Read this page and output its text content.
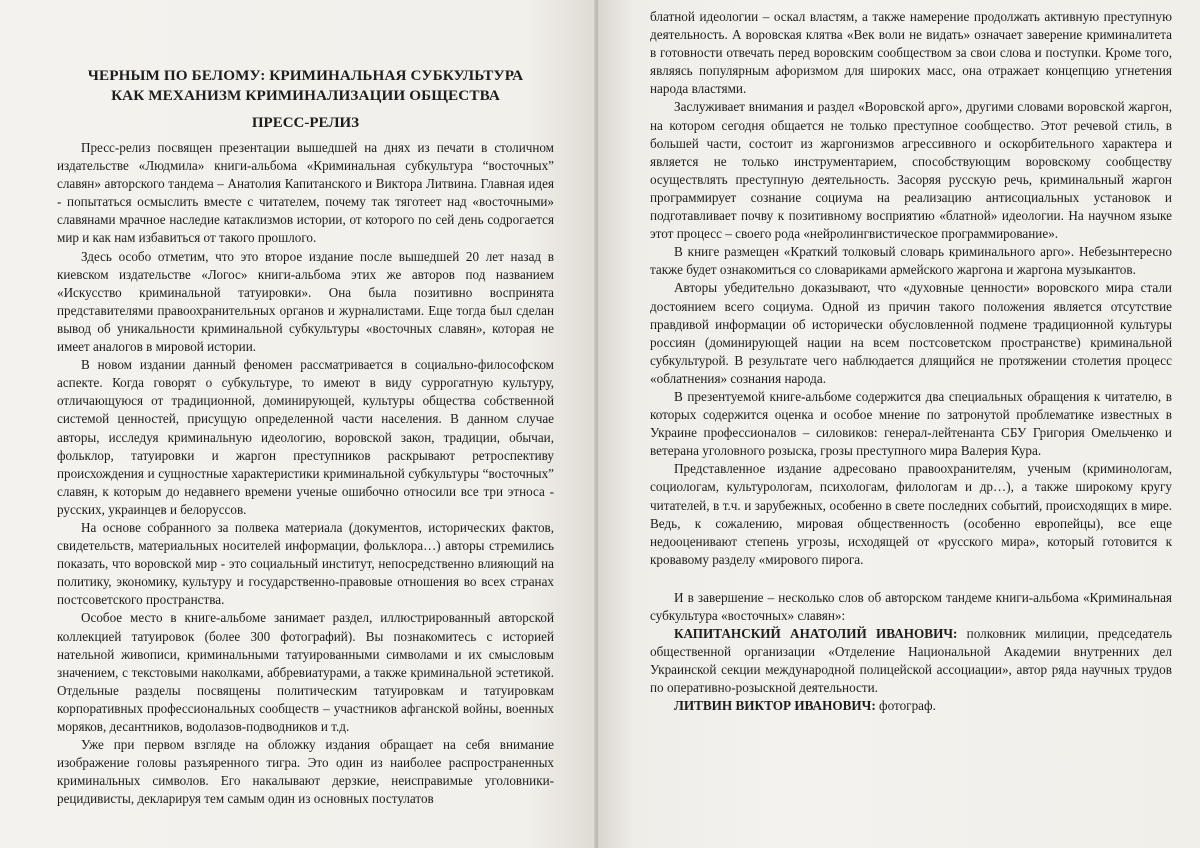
ЧЕРНЫМ ПО БЕЛОМУ: КРИМИНАЛЬНАЯ СУБКУЛЬТУРА
КАК МЕХАНИЗМ КРИМИНАЛИЗАЦИИ ОБЩЕСТВА
ПРЕСС-РЕЛИЗ

Пресс-релиз посвящен презентации вышедшей на днях из печати в столичном издательстве «Людмила» книги-альбома «Криминальная субкультура “восточных” славян» авторского тандема – Анатолия Капитанского и Виктора Литвина. Главная идея - попытаться осмыслить вместе с читателем, почему так тяготеет над «восточными» славянами мрачное наследие катаклизмов истории, от которого по сей день содрогается мир и как нам избавиться от такого прошлого.

Здесь особо отметим, что это второе издание после вышедшей 20 лет назад в киевском издательстве «Логос» книги-альбома этих же авторов под названием «Искусство криминальной татуировки». Она была позитивно воспринята представителями правоохранительных органов и журналистами. Еще тогда был сделан вывод об уникальности криминальной субкультуры «восточных славян», которая не имеет аналогов в мировой истории.

В новом издании данный феномен рассматривается в социально-философском аспекте. Когда говорят о субкультуре, то имеют в виду суррогатную культуру, отличающуюся от традиционной, доминирующей, культуры общества собственной системой ценностей, присущую определенной части населения. В данном случае авторы, исследуя криминальную идеологию, воровской закон, традиции, обычаи, фольклор, татуировки и жаргон преступников раскрывают ретроспективу происхождения и сущностные характеристики криминальной субкультуры “восточных” славян, к которым до недавнего времени ученые ошибочно относили все три этноса - русских, украинцев и белоруссов.

На основе собранного за полвека материала (документов, исторических фактов, свидетельств, материальных носителей информации, фольклора…) авторы стремились показать, что воровской мир - это социальный институт, непосредственно влияющий на политику, экономику, культуру и государственно-правовые отношения во всех странах постсоветского пространства.

Особое место в книге-альбоме занимает раздел, иллюстрированный авторской коллекцией татуировок (более 300 фотографий). Вы познакомитесь с историей нательной живописи, криминальными татуированными символами и их смысловым значением, с текстовыми наколками, аббревиатурами, а также криминальной эстетикой. Отдельные разделы посвящены политическим татуировкам и татуировкам корпоративных профессиональных сообществ – участников афганской войны, военных моряков, десантников, водолазов-подводников и т.д.

Уже при первом взгляде на обложку издания обращает на себя внимание изображение головы разъяренного тигра. Это один из наиболее распространенных криминальных символов. Его накалывают дерзкие, неисправимые уголовники-рецидивисты, декларируя тем самым один из основных постулатов

блатной идеологии – оскал властям, а также намерение продолжать активную преступную деятельность. А воровская клятва «Век воли не видать» означает заверение криминалитета в готовности отвечать перед воровским сообществом за свои слова и поступки. Кроме того, являясь популярным афоризмом для широких масс, она отражает концепцию угнетения народа властями.

Заслуживает внимания и раздел «Воровской арго», другими словами воровской жаргон, на котором сегодня общается не только преступное сообщество. Этот речевой стиль, в большей части, состоит из жаргонизмов агрессивного и оскорбительного характера и является не только инструментарием, способствующим воровскому сообществу осуществлять преступную деятельность. Засоряя русскую речь, криминальный жаргон программирует сознание социума на реализацию антисоциальных установок и подготавливает почву к позитивному восприятию «блатной» идеологии. На научном языке этот процесс – своего рода «нейролингвистическое программирование».

В книге размещен «Краткий толковый словарь криминального арго». Небезынтересно также будет ознакомиться со словариками армейского жаргона и жаргона музыкантов.

Авторы убедительно доказывают, что «духовные ценности» воровского мира стали достоянием всего социума. Одной из причин такого положения является отсутствие правдивой информации об исторически обусловленной подмене традиционной культуры россиян (доминирующей нации на всем постсоветском пространстве) криминальной субкультурой. В результате чего наблюдается длящийся не протяжении столетия процесс «облатнения» сознания народа.

В презентуемой книге-альбоме содержится два специальных обращения к читателю, в которых содержится оценка и особое мнение по затронутой проблематике известных в Украине профессионалов – силовиков: генерал-лейтенанта СБУ Григория Омельченко и ветерана уголовного розыска, грозы преступного мира Валерия Кура.

Представленное издание адресовано правоохранителям, ученым (криминологам, социологам, культурологам, психологам, филологам и др…), а также широкому кругу читателей, в т.ч. и зарубежных, особенно в свете последних событий, происходящих в мире. Ведь, к сожалению, мировая общественность (особенно европейцы), все еще недооценивают степень угрозы, исходящей от «русского мира», который готовится к кровавому разделу «мирового пирога.

И в завершение – несколько слов об авторском тандеме книги-альбома «Криминальная субкультура «восточных» славян»:

КАПИТАНСКИЙ АНАТОЛИЙ ИВАНОВИЧ: полковник милиции, председатель общественной организации «Отделение Национальной Академии внутренних дел Украинской секции международной полицейской ассоциации», автор ряда научных трудов по оперативно-розыскной деятельности.

ЛИТВИН ВИКТОР ИВАНОВИЧ: фотограф.
